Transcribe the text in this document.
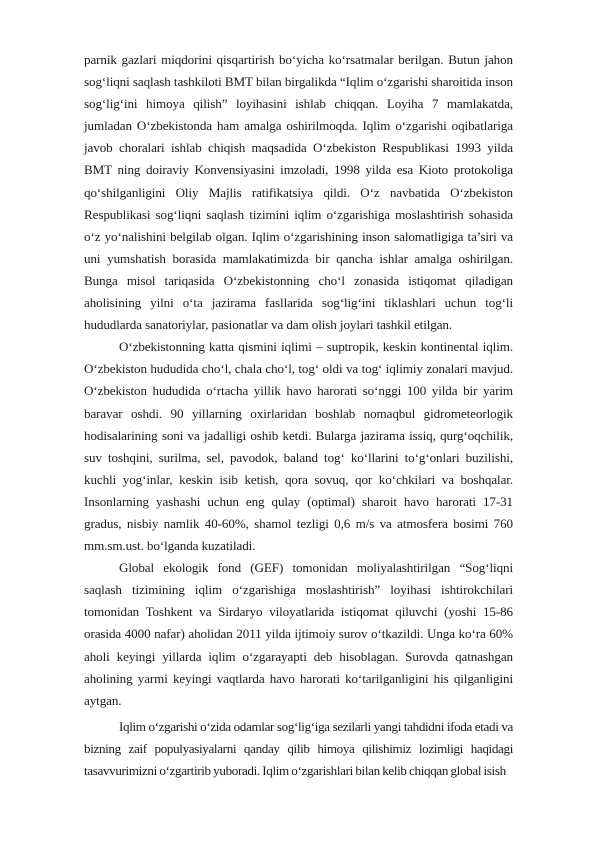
parnik gazlari miqdorini qisqartirish bo‘yicha ko‘rsatmalar berilgan. Butun jahon sog‘liqni saqlash tashkiloti BMT bilan birgalikda “Iqlim o‘zgarishi sharoitida inson sog‘lig‘ini himoya qilish” loyihasini ishlab chiqqan. Loyiha 7 mamlakatda, jumladan O‘zbekistonda ham amalga oshirilmoqda. Iqlim o‘zgarishi oqibatlariga javob choralari ishlab chiqish maqsadida O‘zbekiston Respublikasi 1993 yilda BMT ning doiraviy Konvensiyasini imzoladi, 1998 yilda esa Kioto protokoliga qo‘shilganligini Oliy Majlis ratifikatsiya qildi. O‘z navbatida O‘zbekiston Respublikasi sog‘liqni saqlash tizimini iqlim o‘zgarishiga moslashtirish sohasida o‘z yo‘nalishini belgilab olgan. Iqlim o‘zgarishining inson salomatligiga ta’siri va uni yumshatish borasida mamlakatimizda bir qancha ishlar amalga oshirilgan. Bunga misol tariqasida O‘zbekistonning cho‘l zonasida istiqomat qiladigan aholisining yilni o‘ta jazirama fasllarida sog‘lig‘ini tiklashlari uchun tog‘li hududlarda sanatoriylar, pasionatlar va dam olish joylari tashkil etilgan.

O‘zbekistonning katta qismini iqlimi – suptropik, keskin kontinental iqlim. O‘zbekiston hududida cho‘l, chala cho‘l, tog‘ oldi va tog‘ iqlimiy zonalari mavjud. O‘zbekiston hududida o‘rtacha yillik havo harorati so‘nggi 100 yilda bir yarim baravar oshdi. 90 yillarning oxirlaridan boshlab nomaqbul gidrometeorlogik hodisalarining soni va jadalligi oshib ketdi. Bularga jazirama issiq, qurg‘oqchilik, suv toshqini, surilma, sel, pavodok, baland tog‘ ko‘llarini to‘g‘onlari buzilishi, kuchli yog‘inlar, keskin isib ketish, qora sovuq, qor ko‘chkilari va boshqalar. Insonlarning yashashi uchun eng qulay (optimal) sharoit havo harorati 17-31 gradus, nisbiy namlik 40-60%, shamol tezligi 0,6 m/s va atmosfera bosimi 760 mm.sm.ust. bo‘lganda kuzatiladi.

Global ekologik fond (GEF) tomonidan moliyalashtirilgan “Sog‘liqni saqlash tizimining iqlim o‘zgarishiga moslashtirish” loyihasi ishtirokchilari tomonidan Toshkent va Sirdaryo viloyatlarida istiqomat qiluvchi (yoshi 15-86 orasida 4000 nafar) aholidan 2011 yilda ijtimoiy surov o‘tkazildi. Unga ko‘ra 60% aholi keyingi yillarda iqlim o‘zgarayapti deb hisoblagan. Surovda qatnashgan aholining yarmi keyingi vaqtlarda havo harorati ko‘tarilganligini his qilganligini aytgan.

Iqlim o‘zgarishi o‘zida odamlar sog‘lig‘iga sezilarli yangi tahdidni ifoda etadi va bizning zaif populyasiyalarni qanday qilib himoya qilishimiz lozimligi haqidagi tasavvurimizni o‘zgartirib yuboradi. Iqlim o‘zgarishlari bilan kelib chiqqan global isish
